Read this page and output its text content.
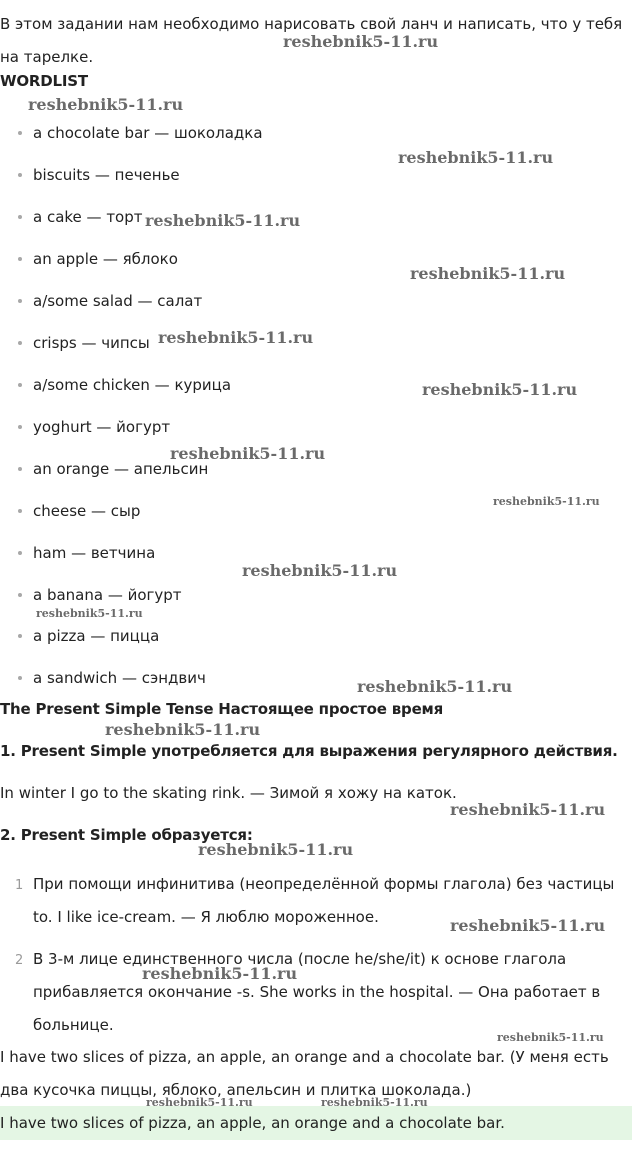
В этом задании нам необходимо нарисовать свой ланч и написать, что у тебя на тарелке.
WORDLIST
a chocolate bar — шоколадка
biscuits — печенье
a cake — торт
an apple — яблоко
a/some salad — салат
crisps — чипсы
a/some chicken — курица
yoghurt — йогурт
an orange — апельсин
cheese — сыр
ham — ветчина
a banana — йогурт
a pizza — пицца
a sandwich — сэндвич
The Present Simple Tense Настоящее простое время
1. Present Simple употребляется для выражения регулярного действия.
In winter I go to the skating rink. — Зимой я хожу на каток.
2. Present Simple образуется:
1 При помощи инфинитива (неопределённой формы глагола) без частицы to. I like ice-cream. — Я люблю мороженное.
2 В 3-м лице единственного числа (после he/she/it) к основе глагола прибавляется окончание -s. She works in the hospital. — Она работает в больнице.
I have two slices of pizza, an apple, an orange and a chocolate bar. (У меня есть два кусочка пиццы, яблоко, апельсин и плитка шоколада.)
I have two slices of pizza, an apple, an orange and a chocolate bar.
reshebnik5-11.ru
reshebnik5-11.ru
reshebnik5-11.ru
reshebnik5-11.ru
reshebnik5-11.ru
reshebnik5-11.ru
reshebnik5-11.ru
reshebnik5-11.ru
reshebnik5-11.ru
reshebnik5-11.ru
reshebnik5-11.ru
reshebnik5-11.ru
reshebnik5-11.ru
reshebnik5-11.ru
reshebnik5-11.ru
reshebnik5-11.ru
reshebnik5-11.ru
reshebnik5-11.ru
reshebnik5-11.ru	reshebnik5-11.ru
